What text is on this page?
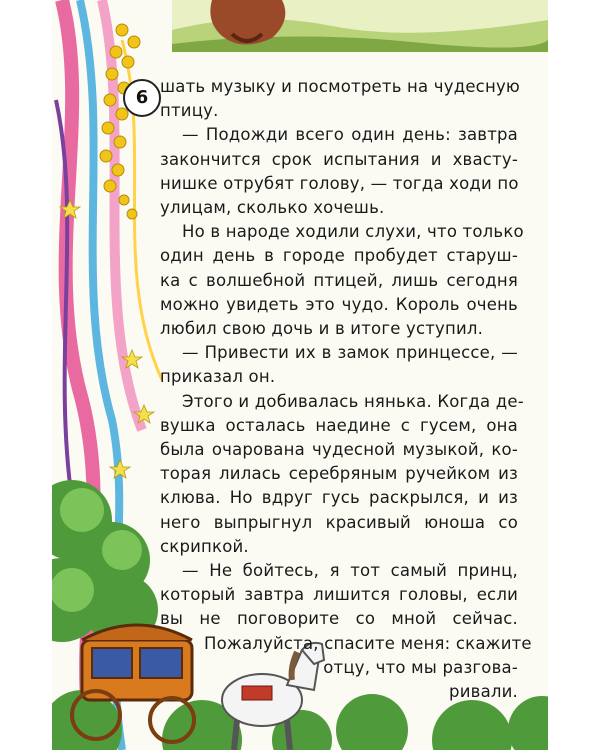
6
шать музыку и посмотреть на чудесную
птицу.
— Подожди всего один день: завтра
закончится срок испытания и хвасту-
нишке отрубят голову, — тогда ходи по
улицам, сколько хочешь.
Но в народе ходили слухи, что только
один день в городе пробудет старуш-
ка с волшебной птицей, лишь сегодня
можно увидеть это чудо. Король очень
любил свою дочь и в итоге уступил.
— Привести их в замок принцессе, —
приказал он.
Этого и добивалась нянька. Когда де-
вушка осталась наедине с гусем, она
была очарована чудесной музыкой, ко-
торая лилась серебряным ручейком из
клюва. Но вдруг гусь раскрылся, и из
него выпрыгнул красивый юноша со
скрипкой.
— Не бойтесь, я тот самый принц,
который завтра лишится головы, если
вы не поговорите со мной сейчас.
Пожалуйста, спасите меня: скажите
отцу, что мы разгова-
ривали.
